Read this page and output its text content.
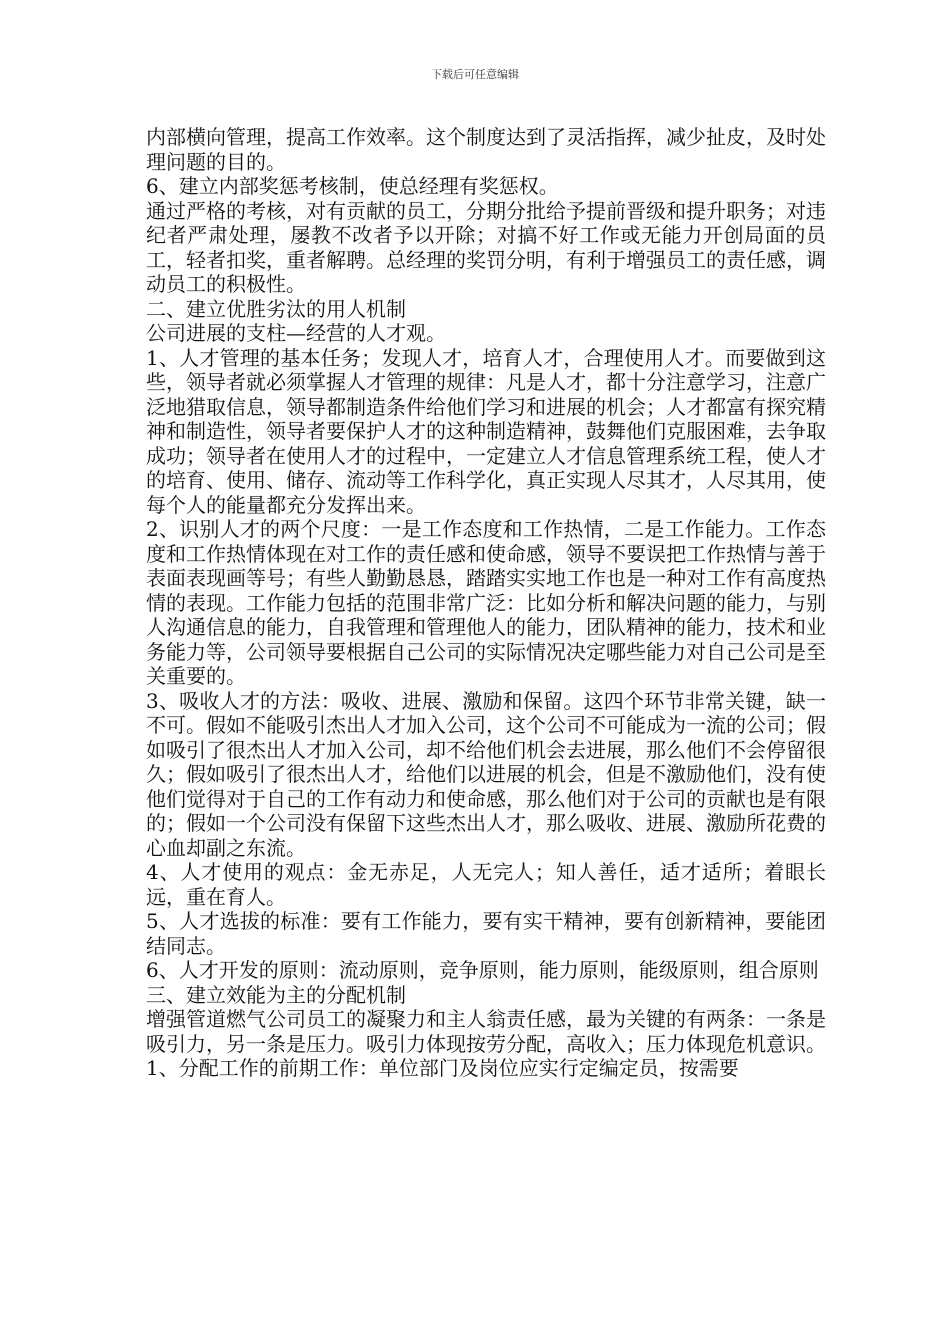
下载后可任意编辑

内部横向管理，提高工作效率。这个制度达到了灵活指挥，减少扯皮，及时处理问题的目的。

6、建立内部奖惩考核制，使总经理有奖惩权。

通过严格的考核，对有贡献的员工，分期分批给予提前晋级和提升职务；对违纪者严肃处理，屡教不改者予以开除；对搞不好工作或无能力开创局面的员工，轻者扣奖，重者解聘。总经理的奖罚分明，有利于增强员工的责任感，调动员工的积极性。

二、建立优胜劣汰的用人机制

公司进展的支柱—经营的人才观。

1、人才管理的基本任务；发现人才，培育人才，合理使用人才。而要做到这些，领导者就必须掌握人才管理的规律：凡是人才，都十分注意学习，注意广泛地猎取信息，领导都制造条件给他们学习和进展的机会；人才都富有探究精神和制造性，领导者要保护人才的这种制造精神，鼓舞他们克服困难，去争取成功；领导者在使用人才的过程中，一定建立人才信息管理系统工程，使人才的培育、使用、储存、流动等工作科学化，真正实现人尽其才，人尽其用，使每个人的能量都充分发挥出来。

2、识别人才的两个尺度：一是工作态度和工作热情，二是工作能力。工作态度和工作热情体现在对工作的责任感和使命感，领导不要误把工作热情与善于表面表现画等号；有些人勤勤恳恳，踏踏实实地工作也是一种对工作有高度热情的表现。工作能力包括的范围非常广泛：比如分析和解决问题的能力，与别人沟通信息的能力，自我管理和管理他人的能力，团队精神的能力，技术和业务能力等，公司领导要根据自己公司的实际情况决定哪些能力对自己公司是至关重要的。

3、吸收人才的方法：吸收、进展、激励和保留。这四个环节非常关键，缺一不可。假如不能吸引杰出人才加入公司，这个公司不可能成为一流的公司；假如吸引了很杰出人才加入公司，却不给他们机会去进展，那么他们不会停留很久；假如吸引了很杰出人才，给他们以进展的机会，但是不激励他们，没有使他们觉得对于自己的工作有动力和使命感，那么他们对于公司的贡献也是有限的；假如一个公司没有保留下这些杰出人才，那么吸收、进展、激励所花费的心血却副之东流。

4、人才使用的观点：金无赤足，人无完人；知人善任，适才适所；着眼长远，重在育人。

5、人才选拔的标准：要有工作能力，要有实干精神，要有创新精神，要能团结同志。

6、人才开发的原则：流动原则，竞争原则，能力原则，能级原则，组合原则

三、建立效能为主的分配机制

增强管道燃气公司员工的凝聚力和主人翁责任感，最为关键的有两条：一条是吸引力，另一条是压力。吸引力体现按劳分配，高收入；压力体现危机意识。

1、分配工作的前期工作：单位部门及岗位应实行定编定员，按需要
